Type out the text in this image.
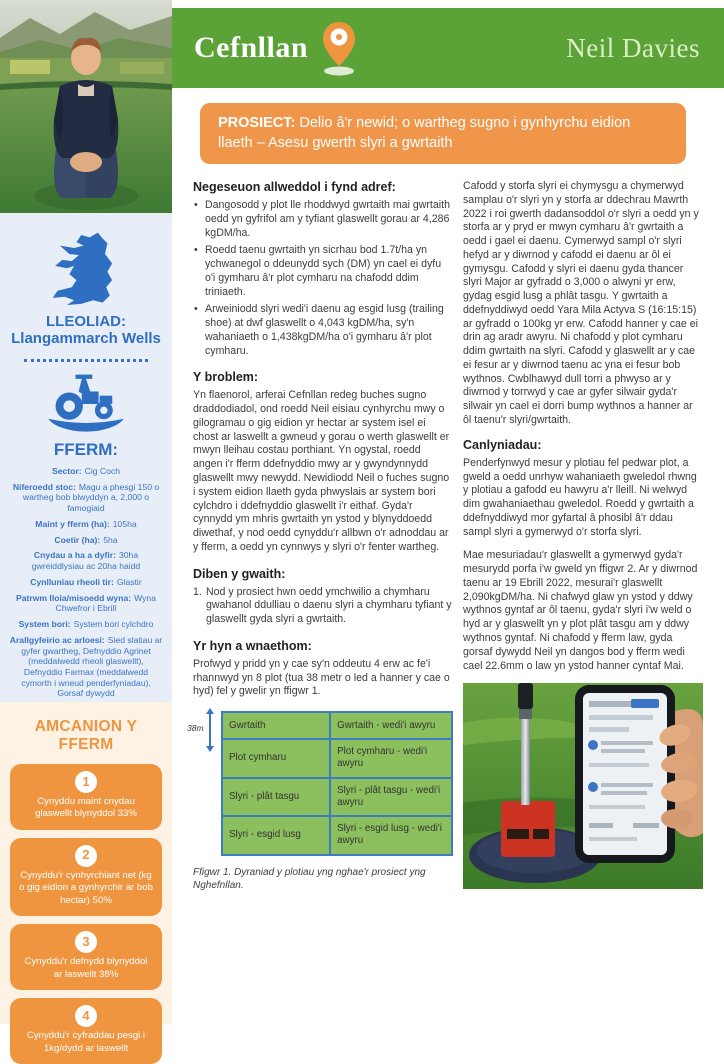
Cefnllan	Neil Davies
PROSIECT: Delio â'r newid; o wartheg sugno i gynhyrchu eidion llaeth – Asesu gwerth slyri a gwrtaith
LLEOLIAD:
Llangammarch Wells
FFERM:
Sector: Cig Coch
Niferoedd stoc: Magu a phesgi 150 o wartheg bob blwyddyn a, 2,000 o famogiaid
Maint y fferm (ha): 105ha
Coetir (ha): 5ha
Cnydau a ha a dyfir: 30ha gwreiddlysiau ac 20ha haidd
Cynlluniau rheoli tir: Glastir
Patrwm lloia/misoedd wyna: Wyna Chwefror i Ebrill
System bori: System bori cylchdro
Arallgyfeirio ac arloesi: Sied slatiau ar gyfer gwartheg, Defnyddio Agrinet (meddalwedd rheoli glaswellt), Defnyddio Farmax (meddalwedd cymorth i wneud penderfyniadau), Gorsaf dywydd
AMCANION Y FFERM
1
Cynyddu maint cnydau glaswellt blynyddol 33%
2
Cynyddu'r cynhyrchiant net (kg o gig eidion a gynhyrchir ar bob hectar) 50%
3
Cynyddu'r defnydd blynyddol ar laswellt 38%
4
Cynyddu'r cyfraddau pesgi i 1kg/dydd ar laswellt
Negeseuon allweddol i fynd adref:
• Dangosodd y plot lle rhoddwyd gwrtaith mai gwrtaith oedd yn gyfrifol am y tyfiant glaswellt gorau ar 4,286 kgDM/ha.
• Roedd taenu gwrtaith yn sicrhau bod 1.7t/ha yn ychwanegol o ddeunydd sych (DM) yn cael ei dyfu o'i gymharu â'r plot cymharu na chafodd ddim triniaeth.
• Arweiniodd slyri wedi'i daenu ag esgid lusg (trailing shoe) at dwf glaswellt o 4,043 kgDM/ha, sy'n wahaniaeth o 1,438kgDM/ha o'i gymharu â'r plot cymharu.
Y broblem:

Yn flaenorol, arferai Cefnllan redeg buches sugno draddodiadol, ond roedd Neil eisiau cynhyrchu mwy o gilogramau o gig eidion yr hectar ar system isel ei chost ar laswellt a gwneud y gorau o werth glaswellt er mwyn lleihau costau porthiant. Yn ogystal, roedd angen i'r fferm ddefnyddio mwy ar y gwyndynnydd glaswellt mwy newydd. Newidiodd Neil o fuches sugno i system eidion llaeth gyda phwyslais ar system bori cylchdro i ddefnyddio glaswellt i'r eithaf. Gyda'r cynnydd ym mhris gwrtaith yn ystod y blynyddoedd diwethaf, y nod oedd cynyddu'r allbwn o'r adnoddau ar y fferm, a oedd yn cynnwys y slyri o'r fenter wartheg.

Diben y gwaith:
1. Nod y prosiect hwn oedd ymchwilio a chymharu gwahanol ddulliau o daenu slyri a chymharu tyfiant y glaswellt gyda slyri a gwrtaith.
Yr hyn a wnaethom:

Profwyd y pridd yn y cae sy'n oddeutu 4 erw ac fe'i rhannwyd yn 8 plot (tua 38 metr o led a hanner y cae o hyd) fel y gwelir yn ffigwr 1.

38m	Gwrtaith	Gwrtaith - wedi'i awyru
Plot cymharu	Plot cymharu - wedi'i awyru
Slyri - plât tasgu	Slyri - plât tasgu - wedi'i awyru
Slyri - esgid lusg	Slyri - esgid lusg - wedi'i awyru
Ffigwr 1. Dyraniad y plotiau yng nghae'r prosiect yng Nghefnllan.

Cafodd y storfa slyri ei chymysgu a chymerwyd samplau o'r slyri yn y storfa ar ddechrau Mawrth 2022 i roi gwerth dadansoddol o'r slyri a oedd yn y storfa ar y pryd er mwyn cymharu â'r gwrtaith a oedd i gael ei daenu. Cymerwyd sampl o'r slyri hefyd ar y diwrnod y cafodd ei daenu ar ôl ei gymysgu. Cafodd y slyri ei daenu gyda thancer slyri Major ar gyfradd o 3,000 o alwyni yr erw, gydag esgid lusg a phlât tasgu. Y gwrtaith a ddefnyddiwyd oedd Yara Mila Actyva S (16:15:15) ar gyfradd o 100kg yr erw. Cafodd hanner y cae ei drin ag aradr awyru. Ni chafodd y plot cymharu ddim gwrtaith na slyri. Cafodd y glaswellt ar y cae ei fesur ar y diwrnod taenu ac yna ei fesur bob wythnos. Cwblhawyd dull torri a phwyso ar y diwrnod y torrwyd y cae ar gyfer silwair gyda'r silwair yn cael ei dorri bump wythnos a hanner ar ôl taenu'r slyri/gwrtaith.

Canlyniadau:

Penderfynwyd mesur y plotiau fel pedwar plot, a gweld a oedd unrhyw wahaniaeth gweledol rhwng y plotiau a gafodd eu hawyru a'r lleill. Ni welwyd dim gwahaniaethau gweledol. Roedd y gwrtaith a ddefnyddiwyd mor gyfartal â phosibl â'r ddau sampl slyri a gymerwyd o'r storfa slyri.

Mae mesuriadau'r glaswellt a gymerwyd gyda'r mesurydd porfa i'w gweld yn ffigwr 2. Ar y diwrnod taenu ar 19 Ebrill 2022, mesurai'r glaswellt 2,090kgDM/ha. Ni chafwyd glaw yn ystod y ddwy wythnos gyntaf ar ôl taenu, gyda'r slyri i'w weld o hyd ar y glaswellt yn y plot plât tasgu am y ddwy wythnos gyntaf. Ni chafodd y fferm law, gyda gorsaf dywydd Neil yn dangos bod y fferm wedi cael 22.6mm o law yn ystod hanner cyntaf Mai.
